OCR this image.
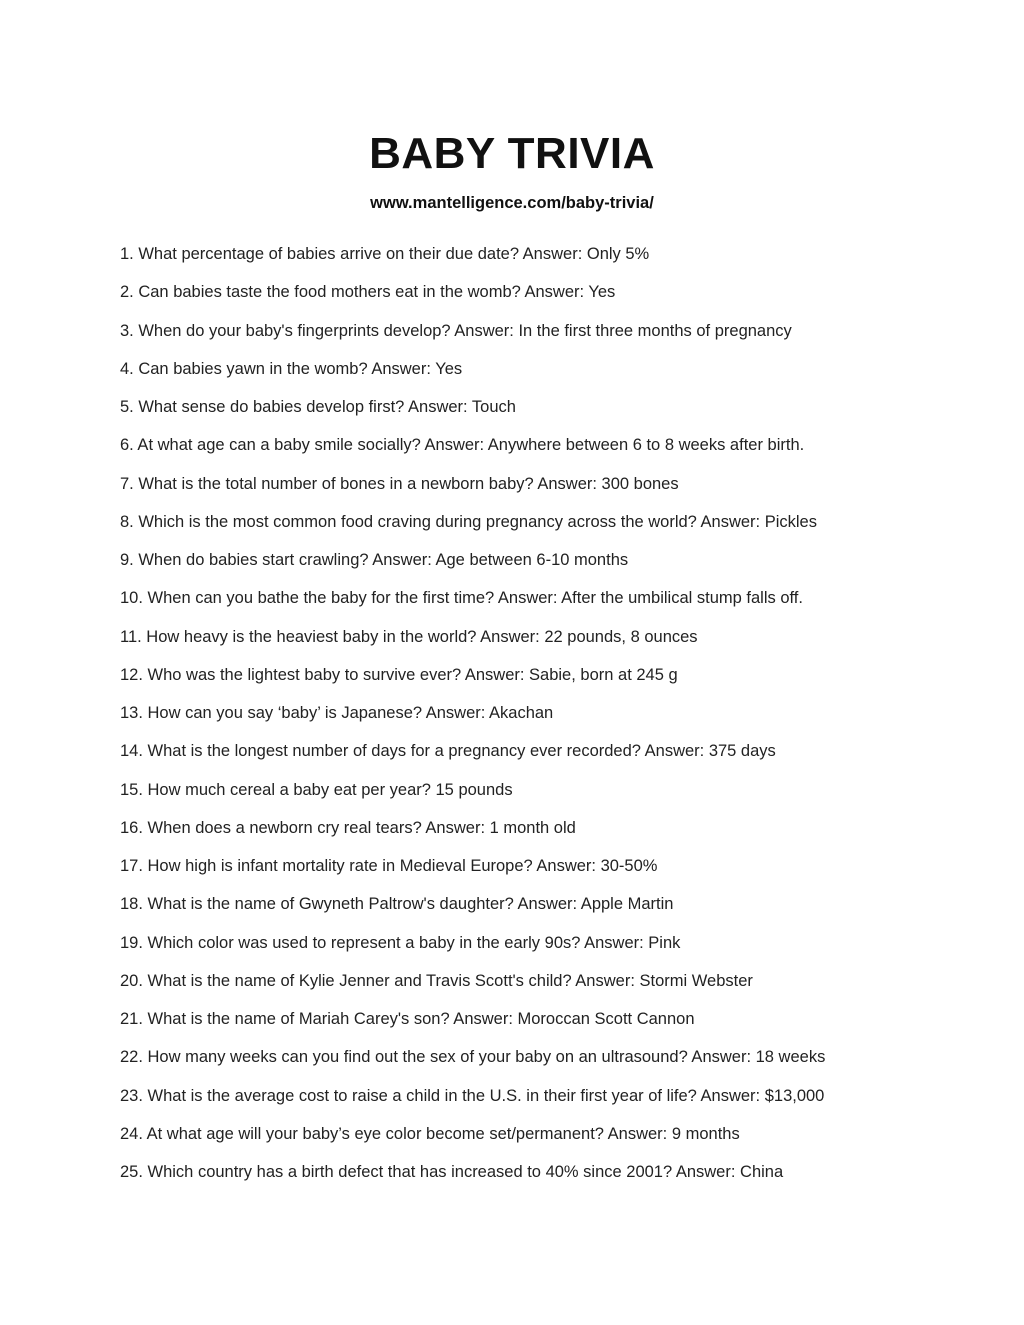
BABY TRIVIA
www.mantelligence.com/baby-trivia/
1. What percentage of babies arrive on their due date? Answer: Only 5%
2. Can babies taste the food mothers eat in the womb? Answer: Yes
3. When do your baby's fingerprints develop? Answer: In the first three months of pregnancy
4. Can babies yawn in the womb? Answer: Yes
5. What sense do babies develop first? Answer: Touch
6. At what age can a baby smile socially? Answer: Anywhere between 6 to 8 weeks after birth.
7. What is the total number of bones in a newborn baby? Answer: 300 bones
8. Which is the most common food craving during pregnancy across the world? Answer: Pickles
9. When do babies start crawling? Answer: Age between 6-10 months
10. When can you bathe the baby for the first time? Answer: After the umbilical stump falls off.
11. How heavy is the heaviest baby in the world? Answer: 22 pounds, 8 ounces
12. Who was the lightest baby to survive ever? Answer: Sabie, born at 245 g
13. How can you say ‘baby’ is Japanese? Answer: Akachan
14. What is the longest number of days for a pregnancy ever recorded? Answer: 375 days
15. How much cereal a baby eat per year? 15 pounds
16. When does a newborn cry real tears? Answer: 1 month old
17. How high is infant mortality rate in Medieval Europe? Answer: 30-50%
18. What is the name of Gwyneth Paltrow's daughter? Answer: Apple Martin
19. Which color was used to represent a baby in the early 90s? Answer: Pink
20. What is the name of Kylie Jenner and Travis Scott's child? Answer: Stormi Webster
21. What is the name of Mariah Carey's son? Answer: Moroccan Scott Cannon
22. How many weeks can you find out the sex of your baby on an ultrasound? Answer: 18 weeks
23. What is the average cost to raise a child in the U.S. in their first year of life? Answer: $13,000
24. At what age will your baby’s eye color become set/permanent? Answer: 9 months
25. Which country has a birth defect that has increased to 40% since 2001? Answer: China
